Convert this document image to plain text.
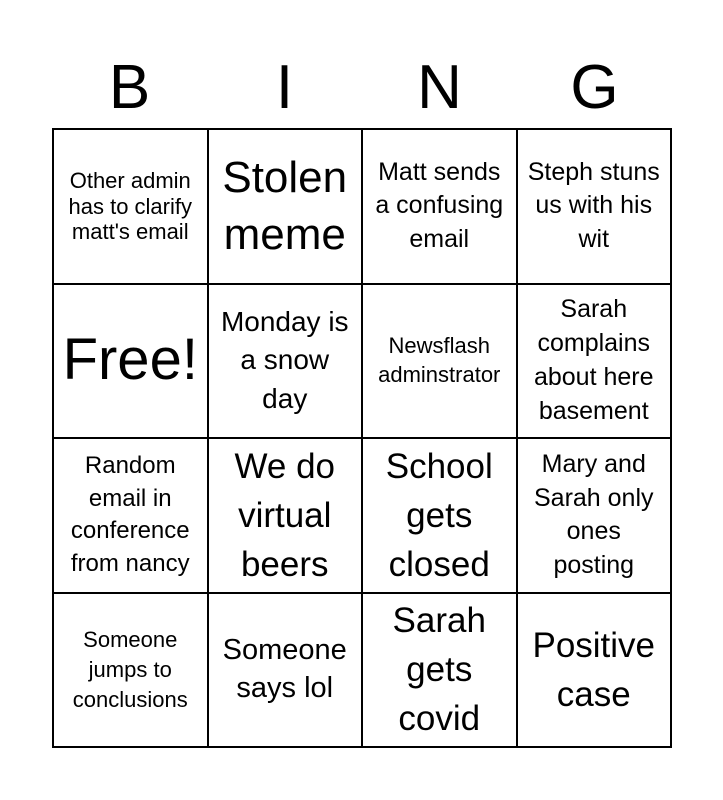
B	I	N	G
Other admin has to clarify matt's email
Stolen meme
Matt sends a confusing email
Steph stuns us with his wit
Free!
Monday is a snow day
Newsflash adminstrator
Sarah complains about here basement
Random email in conference from nancy
We do virtual beers
School gets closed
Mary and Sarah only ones posting
Someone jumps to conclusions
Someone says lol
Sarah gets covid
Positive case
